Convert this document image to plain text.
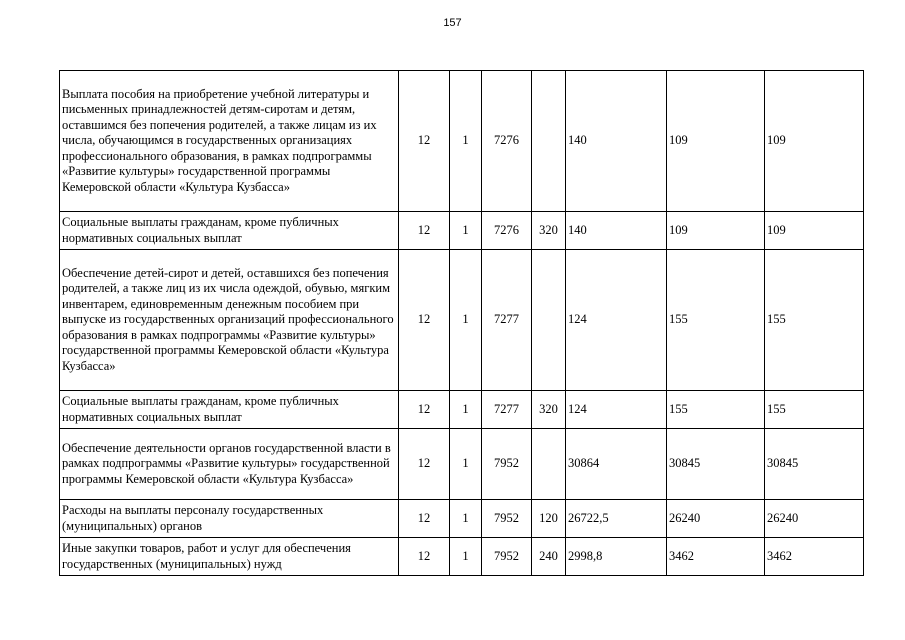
157
Выплата пособия на приобретение учебной литературы и письменных принадлежностей детям-сиротам и детям, оставшимся без попечения родителей, а также лицам из их числа, обучающимся в государственных организациях профессионального образования, в рамках подпрограммы «Развитие культуры» государственной программы Кемеровской области «Культура Кузбасса»	12	1	7276		140	109	109
Социальные выплаты гражданам, кроме публичных нормативных социальных выплат	12	1	7276	320	140	109	109
Обеспечение детей-сирот и детей, оставшихся без попечения родителей, а также лиц из их числа одеждой, обувью, мягким инвентарем, единовременным денежным пособием при выпуске из государственных организаций профессионального образования в рамках подпрограммы «Развитие культуры» государственной программы Кемеровской области «Культура Кузбасса»	12	1	7277		124	155	155
Социальные выплаты гражданам, кроме публичных нормативных социальных выплат	12	1	7277	320	124	155	155
Обеспечение деятельности органов государственной власти в рамках подпрограммы «Развитие культуры» государственной программы Кемеровской области «Культура Кузбасса»	12	1	7952		30864	30845	30845
Расходы на выплаты персоналу государственных (муниципальных) органов	12	1	7952	120	26722,5	26240	26240
Иные закупки товаров, работ и услуг для обеспечения государственных (муниципальных) нужд	12	1	7952	240	2998,8	3462	3462
